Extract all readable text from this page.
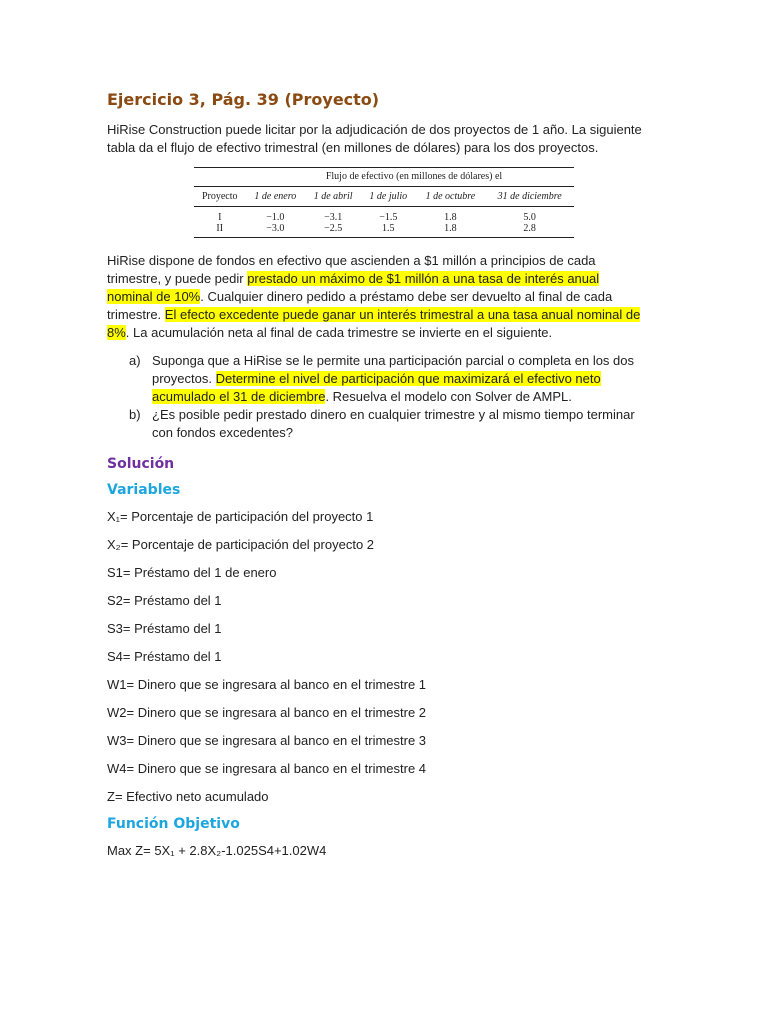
Ejercicio 3, Pág. 39 (Proyecto)

HiRise Construction puede licitar por la adjudicación de dos proyectos de 1 año. La siguiente tabla da el flujo de efectivo trimestral (en millones de dólares) para los dos proyectos.

Flujo de efectivo (en millones de dólares) el					
Proyecto	1 de enero	1 de abril	1 de julio	1 de octubre	31 de diciembre
I	−1.0	−3.1	−1.5	1.8	5.0
II	−3.0	−2.5	1.5	1.8	2.8

HiRise dispone de fondos en efectivo que ascienden a $1 millón a principios de cada trimestre, y puede pedir prestado un máximo de $1 millón a una tasa de interés anual nominal de 10%. Cualquier dinero pedido a préstamo debe ser devuelto al final de cada trimestre. El efecto excedente puede ganar un interés trimestral a una tasa anual nominal de 8%. La acumulación neta al final de cada trimestre se invierte en el siguiente.

a) Suponga que a HiRise se le permite una participación parcial o completa en los dos proyectos. Determine el nivel de participación que maximizará el efectivo neto acumulado el 31 de diciembre. Resuelva el modelo con Solver de AMPL.
b) ¿Es posible pedir prestado dinero en cualquier trimestre y al mismo tiempo terminar con fondos excedentes?
Solución
Variables

X₁= Porcentaje de participación del proyecto 1

X₂= Porcentaje de participación del proyecto 2

S1= Préstamo del 1 de enero

S2= Préstamo del 1

S3= Préstamo del 1

S4= Préstamo del 1

W1= Dinero que se ingresara al banco en el trimestre 1

W2= Dinero que se ingresara al banco en el trimestre 2

W3= Dinero que se ingresara al banco en el trimestre 3

W4= Dinero que se ingresara al banco en el trimestre 4

Z= Efectivo neto acumulado

Función Objetivo

Max Z= 5X₁ + 2.8X₂-1.025S4+1.02W4
